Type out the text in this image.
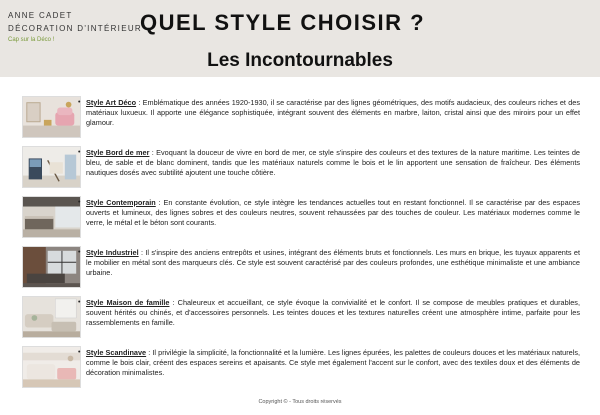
ANNE CADET
DÉCORATION D'INTÉRIEUR
Cap sur la Déco !
QUEL STYLE CHOISIR ?
Les Incontournables
• Style Art Déco : Emblématique des années 1920-1930, il se caractérise par des lignes géométriques, des motifs audacieux, des couleurs riches et des matériaux luxueux. Il apporte une élégance sophistiquée, intégrant souvent des éléments en marbre, laiton, cristal ainsi que des miroirs pour un effet glamour.
• Style Bord de mer : Evoquant la douceur de vivre en bord de mer, ce style s'inspire des couleurs et des textures de la nature maritime. Les teintes de bleu, de sable et de blanc dominent, tandis que les matériaux naturels comme le bois et le lin apportent une sensation de fraîcheur. Des éléments nautiques dosés avec subtilité ajoutent une touche côtière.
• Style Contemporain : En constante évolution, ce style intègre les tendances actuelles tout en restant fonctionnel. Il se caractérise par des espaces ouverts et lumineux, des lignes sobres et des couleurs neutres, souvent rehaussées par des touches de couleur. Les matériaux modernes comme le verre, le métal et le béton sont courants.
• Style Industriel : Il s'inspire des anciens entrepôts et usines, intégrant des éléments bruts et fonctionnels. Les murs en brique, les tuyaux apparents et le mobilier en métal sont des marqueurs clés. Ce style est souvent caractérisé par des couleurs profondes, une esthétique minimaliste et une ambiance urbaine.
• Style Maison de famille : Chaleureux et accueillant, ce style évoque la convivialité et le confort. Il se compose de meubles pratiques et durables, souvent hérités ou chinés, et d'accessoires personnels. Les teintes douces et les textures naturelles créent une atmosphère intime, parfaite pour les rassemblements en famille.
• Style Scandinave : Il privilégie la simplicité, la fonctionnalité et la lumière. Les lignes épurées, les palettes de couleurs douces et les matériaux naturels, comme le bois clair, créent des espaces sereins et apaisants. Ce style met également l'accent sur le confort, avec des textiles doux et des éléments de décoration minimalistes.
Copyright © - Tous droits réservés
